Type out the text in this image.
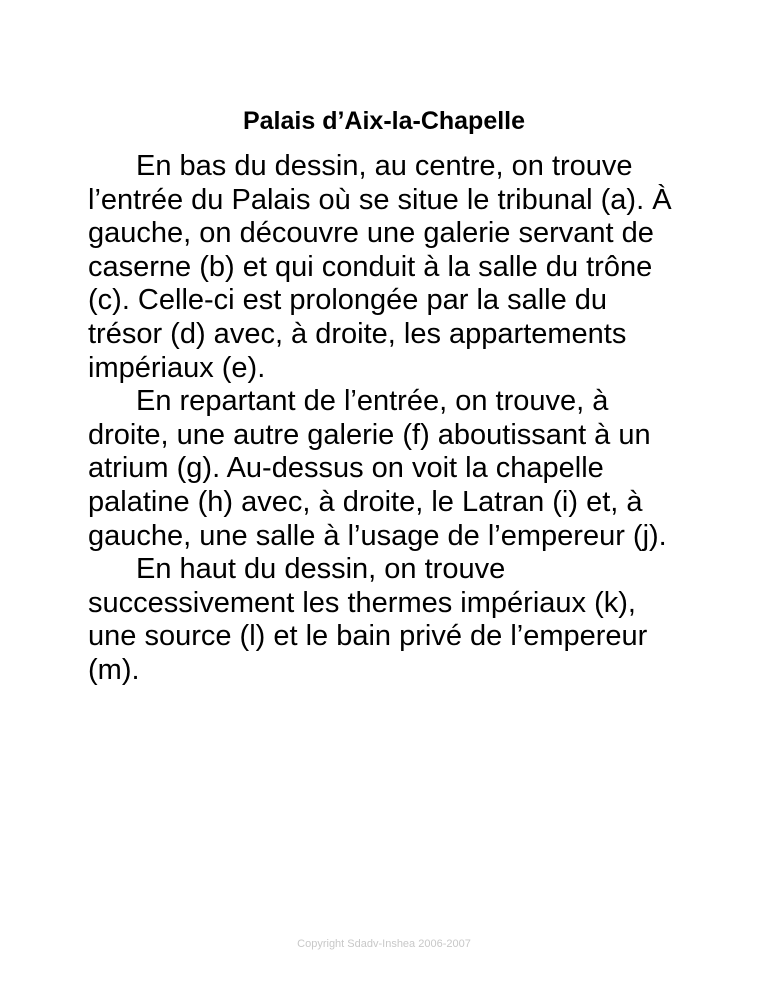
Palais d’Aix-la-Chapelle

En bas du dessin, au centre, on trouve l’entrée du Palais où se situe le tribunal (a). À gauche, on découvre une galerie servant de caserne (b) et qui conduit à la salle du trône (c). Celle-ci est prolongée par la salle du trésor (d) avec, à droite, les appartements impériaux (e).

En repartant de l’entrée, on trouve, à droite, une autre galerie (f) aboutissant à un atrium (g). Au-dessus on voit la chapelle palatine (h) avec, à droite, le Latran (i) et, à gauche, une salle à l’usage de l’empereur (j).

En haut du dessin, on trouve successivement les thermes impériaux (k), une source (l) et le bain privé de l’empereur (m).

Copyright Sdadv-Inshea 2006-2007
